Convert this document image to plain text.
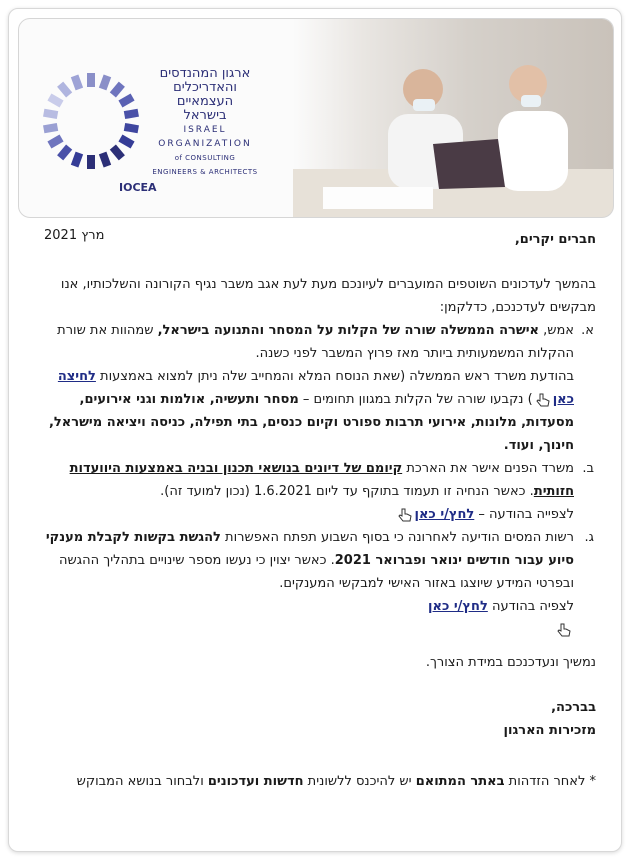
ארגון המהנדסים
והאדריכלים
העצמאיים
בישראל
ISRAEL
ORGANIZATION
of CONSULTING
ENGINEERS & ARCHITECTS
IOCEA
מרץ 2021	חברים יקרים,

בהמשך לעדכונים השוטפים המועברים לעיונכם מעת לעת אגב משבר נגיף הקורונה והשלכותיו, אנו מבקשים לעדכנכם, כדלקמן:

א.
אמש, אישרה הממשלה שורה של הקלות על המסחר והתנועה בישראל, שמהוות את שורת ההקלות המשמעותית ביותר מאז פרוץ המשבר לפני כשנה.
בהודעת משרד ראש הממשלה (שאת הנוסח המלא והמחייב שלה ניתן למצוא באמצעות לחיצה כאן) נקבעו שורה של הקלות במגוון תחומים – מסחר ותעשיה, אולמות וגני אירועים, מסעדות, מלונות, אירועי תרבות ספורט וקיום כנסים, בתי תפילה, כניסה ויציאה מישראל, חינוך, ועוד.
ב.
משרד הפנים אישר את הארכת קיומם של דיונים בנושאי תכנון ובניה באמצעות היוועדות חזותית. כאשר הנחיה זו תעמוד בתוקף עד ליום 1.6.2021 (נכון למועד זה).
לצפייה בהודעה – לחץ/י כאן
ג.
רשות המסים הודיעה לאחרונה כי בסוף השבוע תפתח האפשרות להגשת בקשות לקבלת מענקי סיוע עבור חודשים ינואר ופברואר 2021. כאשר יצוין כי נעשו מספר שינויים בתהליך ההגשה ובפרטי המידע שיוצגו באזור האישי למבקשי המענקים.
לצפיה בהודעה לחץ/י כאן

נמשיך ונעדכנכם במידת הצורך.

בברכה,

מזכירות הארגון

* לאחר הזדהות באתר המתואם יש להיכנס ללשונית חדשות ועדכונים ולבחור בנושא המבוקש
